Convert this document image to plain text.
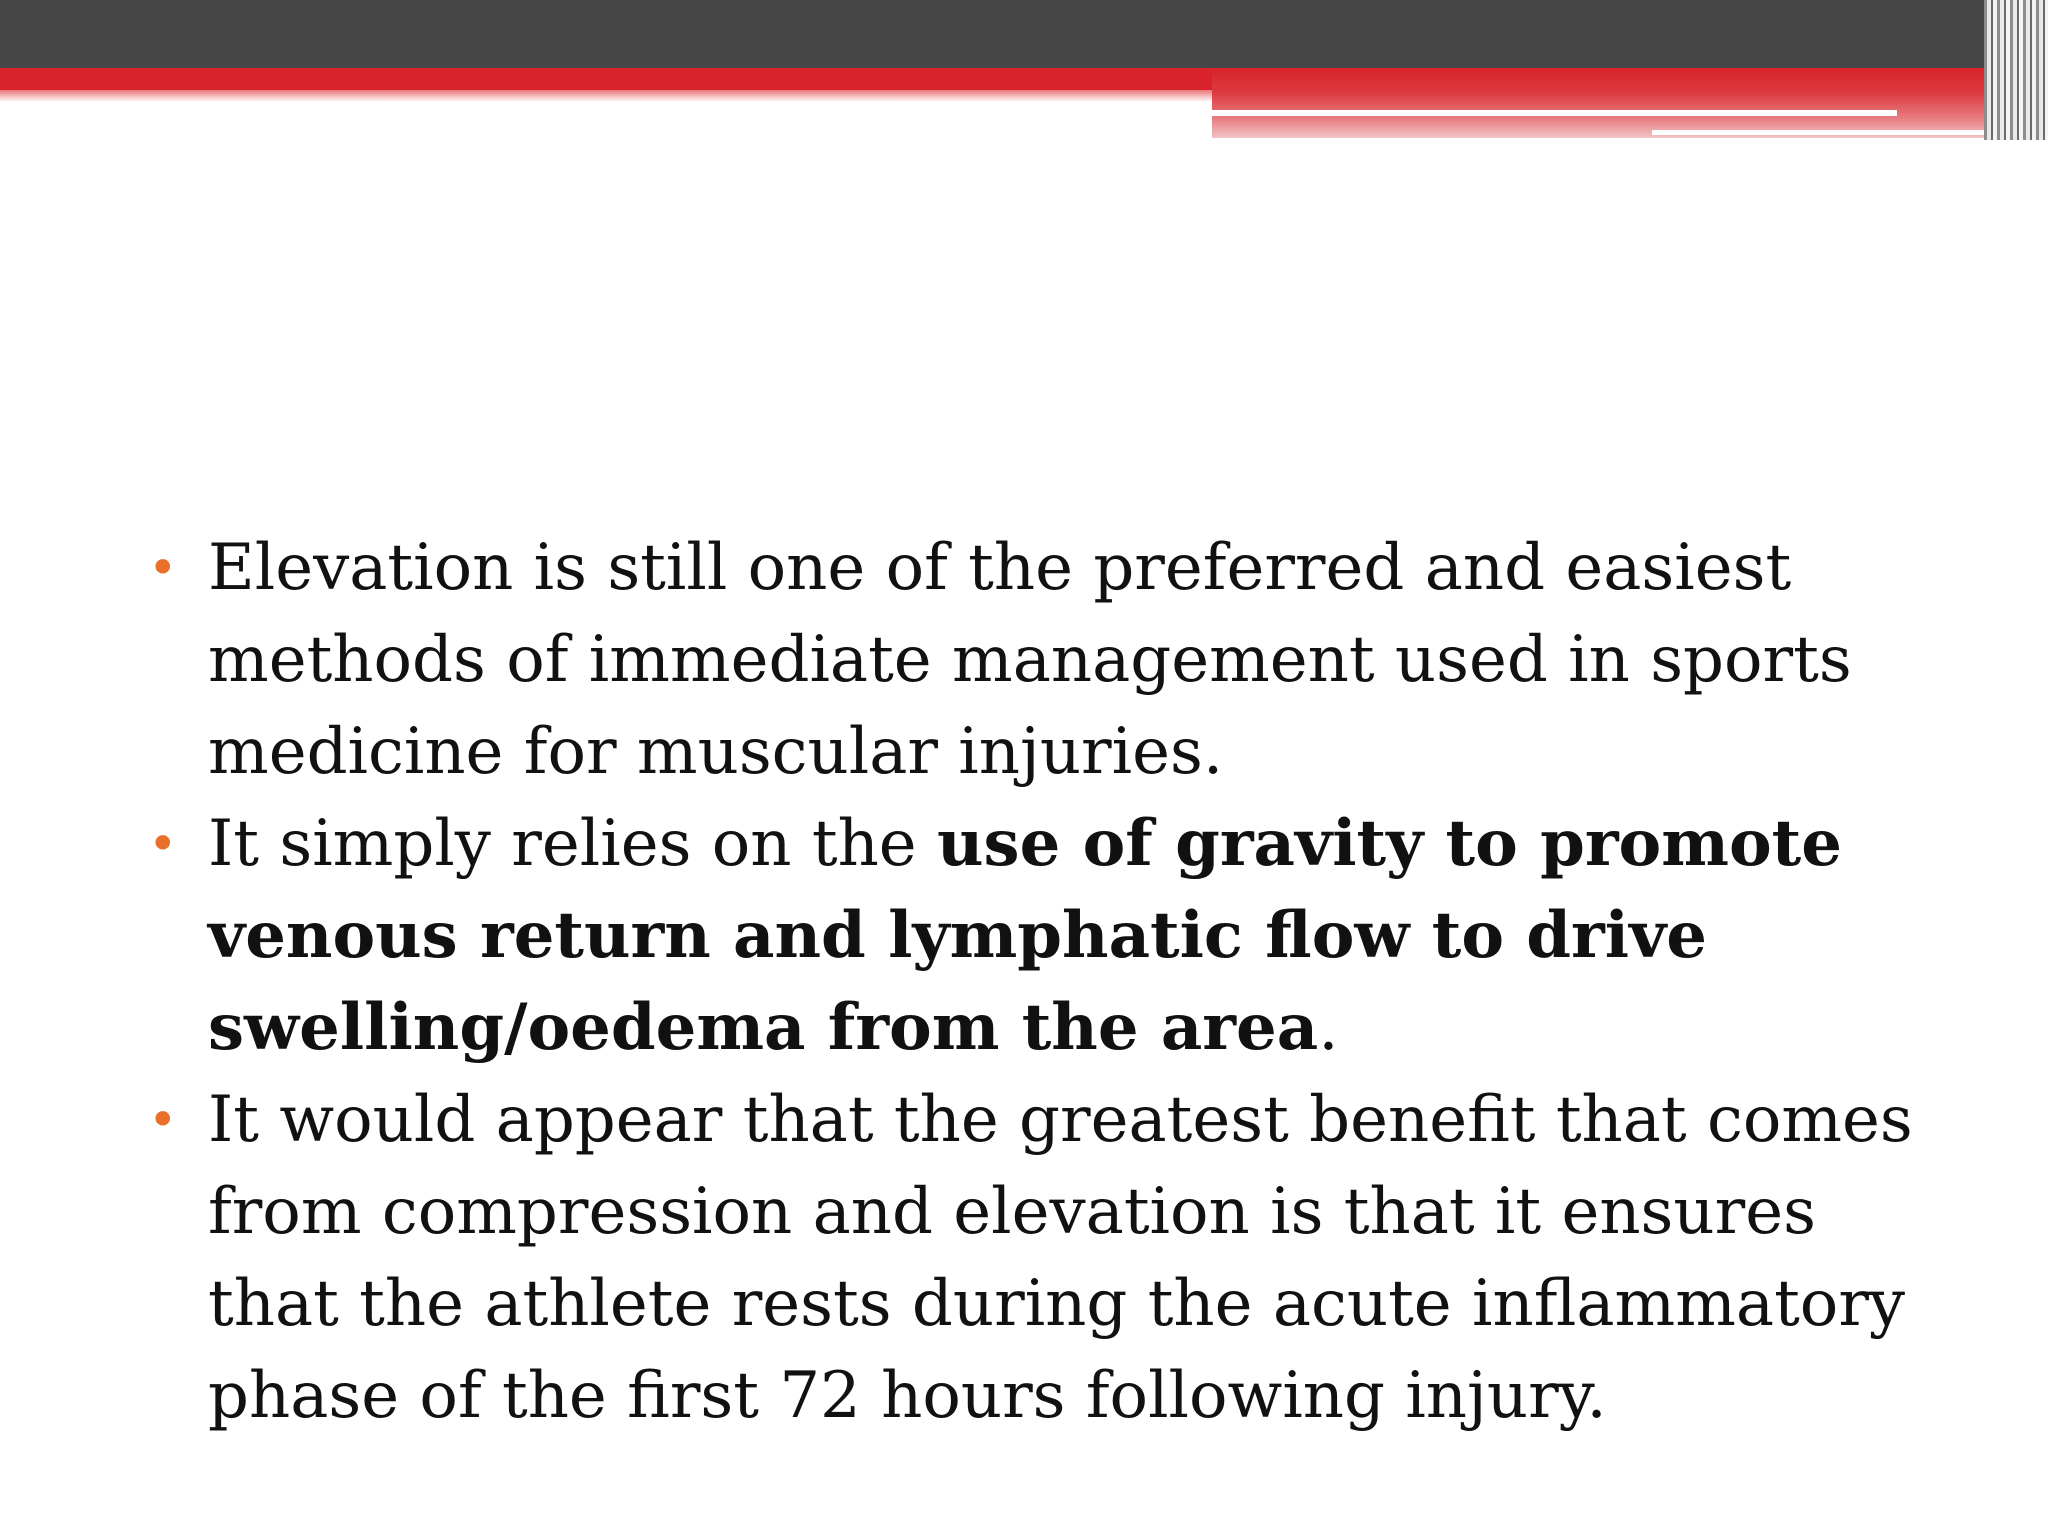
• Elevation is still one of the preferred and easiest methods of immediate management used in sports medicine for muscular injuries.
• It simply relies on the use of gravity to promote venous return and lymphatic flow to drive swelling/oedema from the area.
• It would appear that the greatest benefit that comes from compression and elevation is that it ensures that the athlete rests during the acute inflammatory phase of the first 72 hours following injury.
